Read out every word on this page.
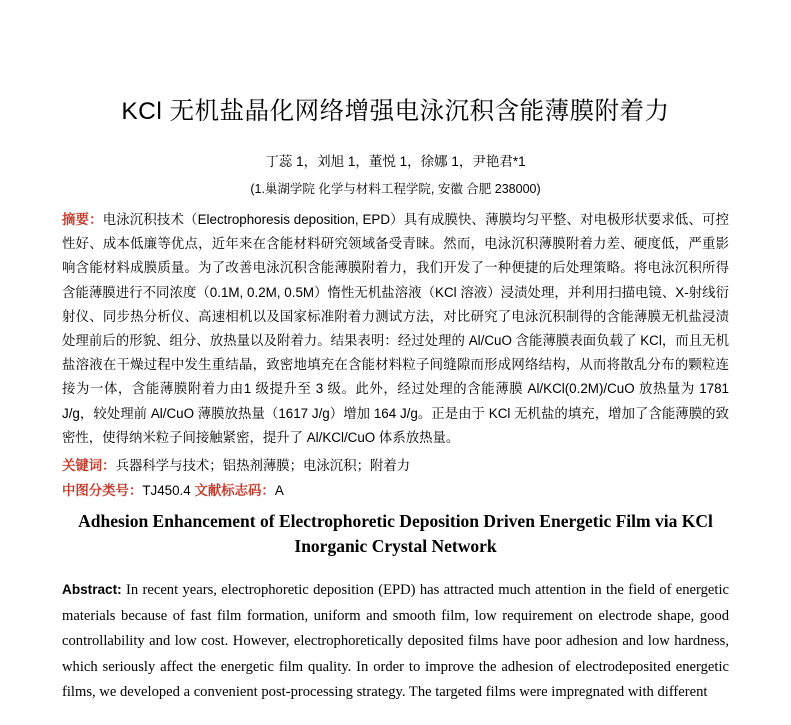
KCl 无机盐晶化网络增强电泳沉积含能薄膜附着力
丁蕊 1，刘旭 1，董悦 1，徐娜 1，尹艳君*1
(1.巢湖学院 化学与材料工程学院, 安徽 合肥 238000)
摘要：电泳沉积技术（Electrophoresis deposition, EPD）具有成膜快、薄膜均匀平整、对电极形状要求低、可控性好、成本低廉等优点，近年来在含能材料研究领域备受青睐。然而，电泳沉积薄膜附着力差、硬度低，严重影响含能材料成膜质量。为了改善电泳沉积含能薄膜附着力，我们开发了一种便捷的后处理策略。将电泳沉积所得含能薄膜进行不同浓度（0.1M, 0.2M, 0.5M）惰性无机盐溶液（KCl 溶液）浸渍处理，并利用扫描电镜、X-射线衍射仪、同步热分析仪、高速相机以及国家标准附着力测试方法，对比研究了电泳沉积制得的含能薄膜无机盐浸渍处理前后的形貌、组分、放热量以及附着力。结果表明：经过处理的 Al/CuO 含能薄膜表面负载了 KCl，而且无机盐溶液在干燥过程中发生重结晶，致密地填充在含能材料粒子间缝隙而形成网络结构，从而将散乱分布的颗粒连接为一体，含能薄膜附着力由1 级提升至 3 级。此外，经过处理的含能薄膜 Al/KCl(0.2M)/CuO 放热量为 1781 J/g，较处理前 Al/CuO 薄膜放热量（1617 J/g）增加 164 J/g。正是由于 KCl 无机盐的填充，增加了含能薄膜的致密性，使得纳米粒子间接触紧密，提升了 Al/KCl/CuO 体系放热量。
关键词：兵器科学与技术；铝热剂薄膜；电泳沉积；附着力
中图分类号：TJ450.4 文献标志码：A
Adhesion Enhancement of Electrophoretic Deposition Driven Energetic Film via KCl Inorganic Crystal Network
Abstract: In recent years, electrophoretic deposition (EPD) has attracted much attention in the field of energetic materials because of fast film formation, uniform and smooth film, low requirement on electrode shape, good controllability and low cost. However, electrophoretically deposited films have poor adhesion and low hardness, which seriously affect the energetic film quality. In order to improve the adhesion of electrodeposited energetic films, we developed a convenient post-processing strategy. The targeted films were impregnated with different
